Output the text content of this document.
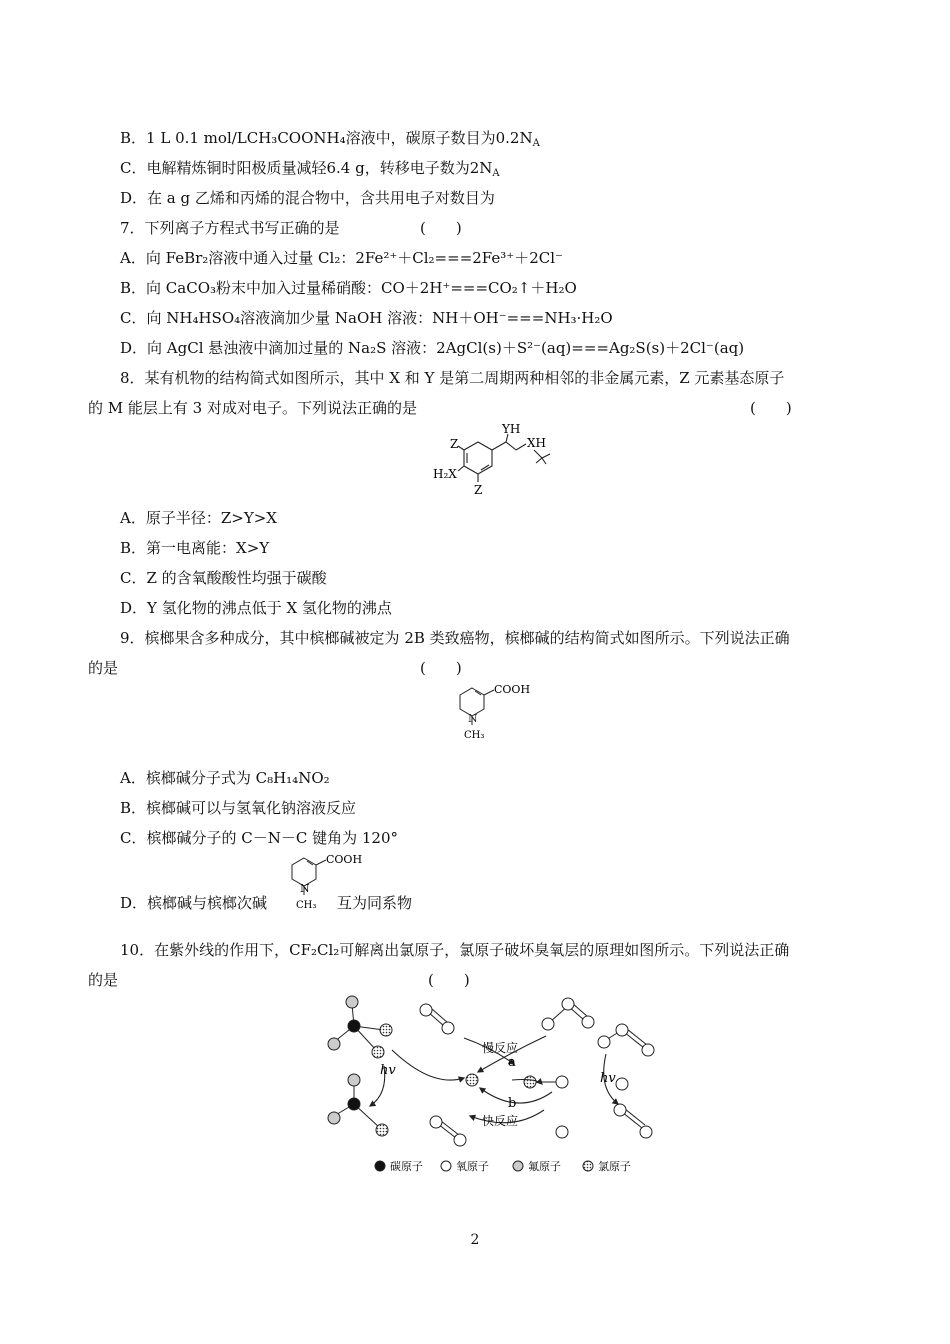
B．1 L 0.1 mol/LCH₃COONH₄溶液中，碳原子数目为$0.2N_A$
C．电解精炼铜时阳极质量减轻6.4 g，转移电子数为$2N_A$
D．在 a g 乙烯和丙烯的混合物中，含共用电子对数目为
7．下列离子方程式书写正确的是	(　　)
A．向 FeBr₂溶液中通入过量 Cl₂：2Fe²⁺＋Cl₂===2Fe³⁺＋2Cl⁻
B．向 CaCO₃粉末中加入过量稀硝酸：CO＋2H⁺===CO₂↑＋H₂O
C．向 NH₄HSO₄溶液滴加少量 NaOH 溶液：NH＋OH⁻===NH₃·H₂O
D．向 AgCl 悬浊液中滴加过量的 Na₂S 溶液：2AgCl(s)＋S²⁻(aq)===Ag₂S(s)＋2Cl⁻(aq)
8．某有机物的结构简式如图所示，其中 X 和 Y 是第二周期两种相邻的非金属元素，Z 元素基态原子
的 M 能层上有 3 对成对电子。下列说法正确的是	(　　)
YH
XH
Z
H₂X
Z
A．原子半径：Z>Y>X
B．第一电离能：X>Y
C．Z 的含氧酸酸性均强于碳酸
D．Y 氢化物的沸点低于 X 氢化物的沸点
9．槟榔果含多种成分，其中槟榔碱被定为 2B 类致癌物，槟榔碱的结构简式如图所示。下列说法正确
的是	(　　)
COOH
N
CH₃
A．槟榔碱分子式为 C₈H₁₄NO₂
B．槟榔碱可以与氢氧化钠溶液反应
C．槟榔碱分子的 C－N－C 键角为 120°
COOH
N
CH₃
D．槟榔碱与槟榔次碱	互为同系物
10．在紫外线的作用下，CF₂Cl₂可解离出氯原子，氯原子破坏臭氧层的原理如图所示。下列说法正确
的是	(　　)
慢反应
a
b
快反应
hv
hv
碳原子	氧原子	氟原子	氯原子
2
